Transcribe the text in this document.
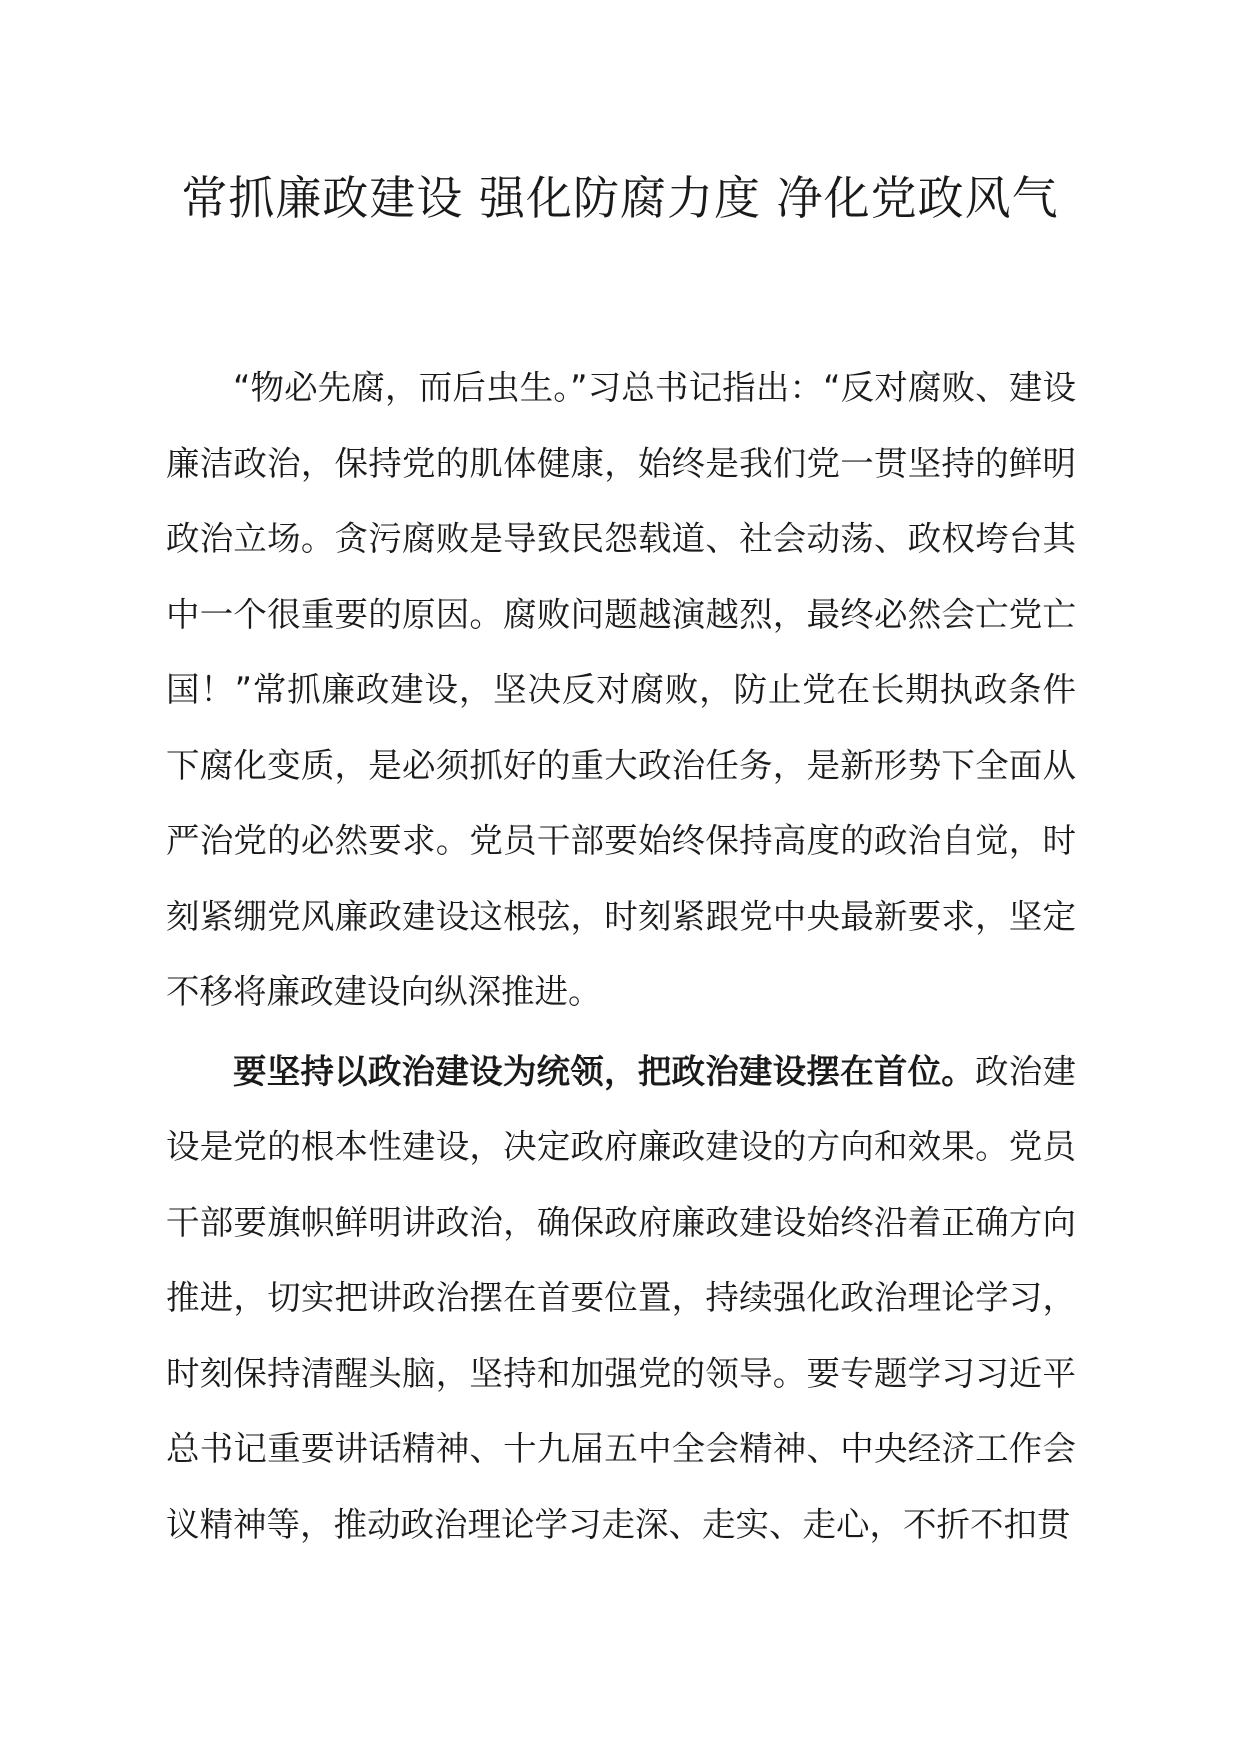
常抓廉政建设 强化防腐力度 净化党政风气

“物必先腐，而后虫生。”习总书记指出：“反对腐败、建设廉洁政治，保持党的肌体健康，始终是我们党一贯坚持的鲜明政治立场。贪污腐败是导致民怨载道、社会动荡、政权垮台其中一个很重要的原因。腐败问题越演越烈，最终必然会亡党亡国！”常抓廉政建设，坚决反对腐败，防止党在长期执政条件下腐化变质，是必须抓好的重大政治任务，是新形势下全面从严治党的必然要求。党员干部要始终保持高度的政治自觉，时刻紧绷党风廉政建设这根弦，时刻紧跟党中央最新要求，坚定不移将廉政建设向纵深推进。

要坚持以政治建设为统领，把政治建设摆在首位。政治建设是党的根本性建设，决定政府廉政建设的方向和效果。党员干部要旗帜鲜明讲政治，确保政府廉政建设始终沿着正确方向推进，切实把讲政治摆在首要位置，持续强化政治理论学习，时刻保持清醒头脑，坚持和加强党的领导。要专题学习习近平总书记重要讲话精神、十九届五中全会精神、中央经济工作会议精神等，推动政治理论学习走深、走实、走心，不折不扣贯
